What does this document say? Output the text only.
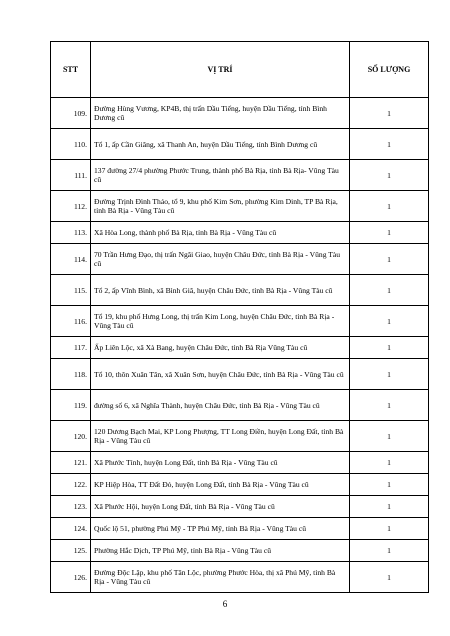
STT	VỊ TRÍ	SỐ LƯỢNG
109.	Đường Hùng Vương, KP4B, thị trấn Dầu Tiếng, huyện Dầu Tiếng, tỉnh Bình Dương cũ	1
110.	Tổ 1, ấp Cần Giăng, xã Thanh An, huyện Dầu Tiếng, tỉnh Bình Dương cũ	1
111.	137 đường 27/4 phường Phước Trung, thành phố Bà Rịa, tỉnh Bà Rịa- Vũng Tàu cũ	1
112.	Đường Trịnh Đình Thảo, tổ 9, khu phố Kim Sơn, phường Kim Dinh, TP Bà Rịa, tỉnh Bà Rịa - Vũng Tàu cũ	1
113.	Xã Hòa Long, thành phố Bà Rịa, tỉnh Bà Rịa - Vũng Tàu cũ	1
114.	70 Trần Hưng Đạo, thị trấn Ngãi Giao, huyện Châu Đức, tỉnh Bà Rịa - Vũng Tàu cũ	1
115.	Tổ 2, ấp Vĩnh Bình, xã Bình Giã, huyện Châu Đức, tỉnh Bà Rịa - Vũng Tàu cũ	1
116.	Tổ 19, khu phố Hưng Long, thị trấn Kim Long, huyện Châu Đức, tỉnh Bà Rịa -Vũng Tàu cũ	1
117.	Ấp Liên Lộc, xã Xà Bang, huyện Châu Đức, tỉnh Bà Rịa Vũng Tàu cũ	1
118.	Tổ 10, thôn Xuân Tân, xã Xuân Sơn, huyện Châu Đức, tỉnh Bà Rịa - Vũng Tàu cũ	1
119.	đường số 6, xã Nghĩa Thành, huyện Châu Đức, tỉnh Bà Rịa - Vũng Tàu cũ	1
120.	120 Dương Bạch Mai, KP Long Phượng, TT Long Điền, huyện Long Đất, tỉnh Bà Rịa - Vũng Tàu cũ	1
121.	Xã Phước Tỉnh, huyện Long Đất, tỉnh Bà Rịa - Vũng Tàu cũ	1
122.	KP Hiệp Hòa, TT Đất Đỏ, huyện Long Đất, tỉnh Bà Rịa - Vũng Tàu cũ	1
123.	Xã Phước Hội, huyện Long Đất, tỉnh Bà Rịa - Vũng Tàu cũ	1
124.	Quốc lộ 51, phường Phú Mỹ - TP Phú Mỹ, tỉnh Bà Rịa - Vũng Tàu cũ	1
125.	Phường Hắc Dịch, TP Phú Mỹ, tỉnh Bà Rịa - Vũng Tàu cũ	1
126.	Đường Độc Lập, khu phố Tân Lộc, phường Phước Hòa, thị xã Phú Mỹ, tỉnh Bà Rịa - Vũng Tàu cũ	1
6
